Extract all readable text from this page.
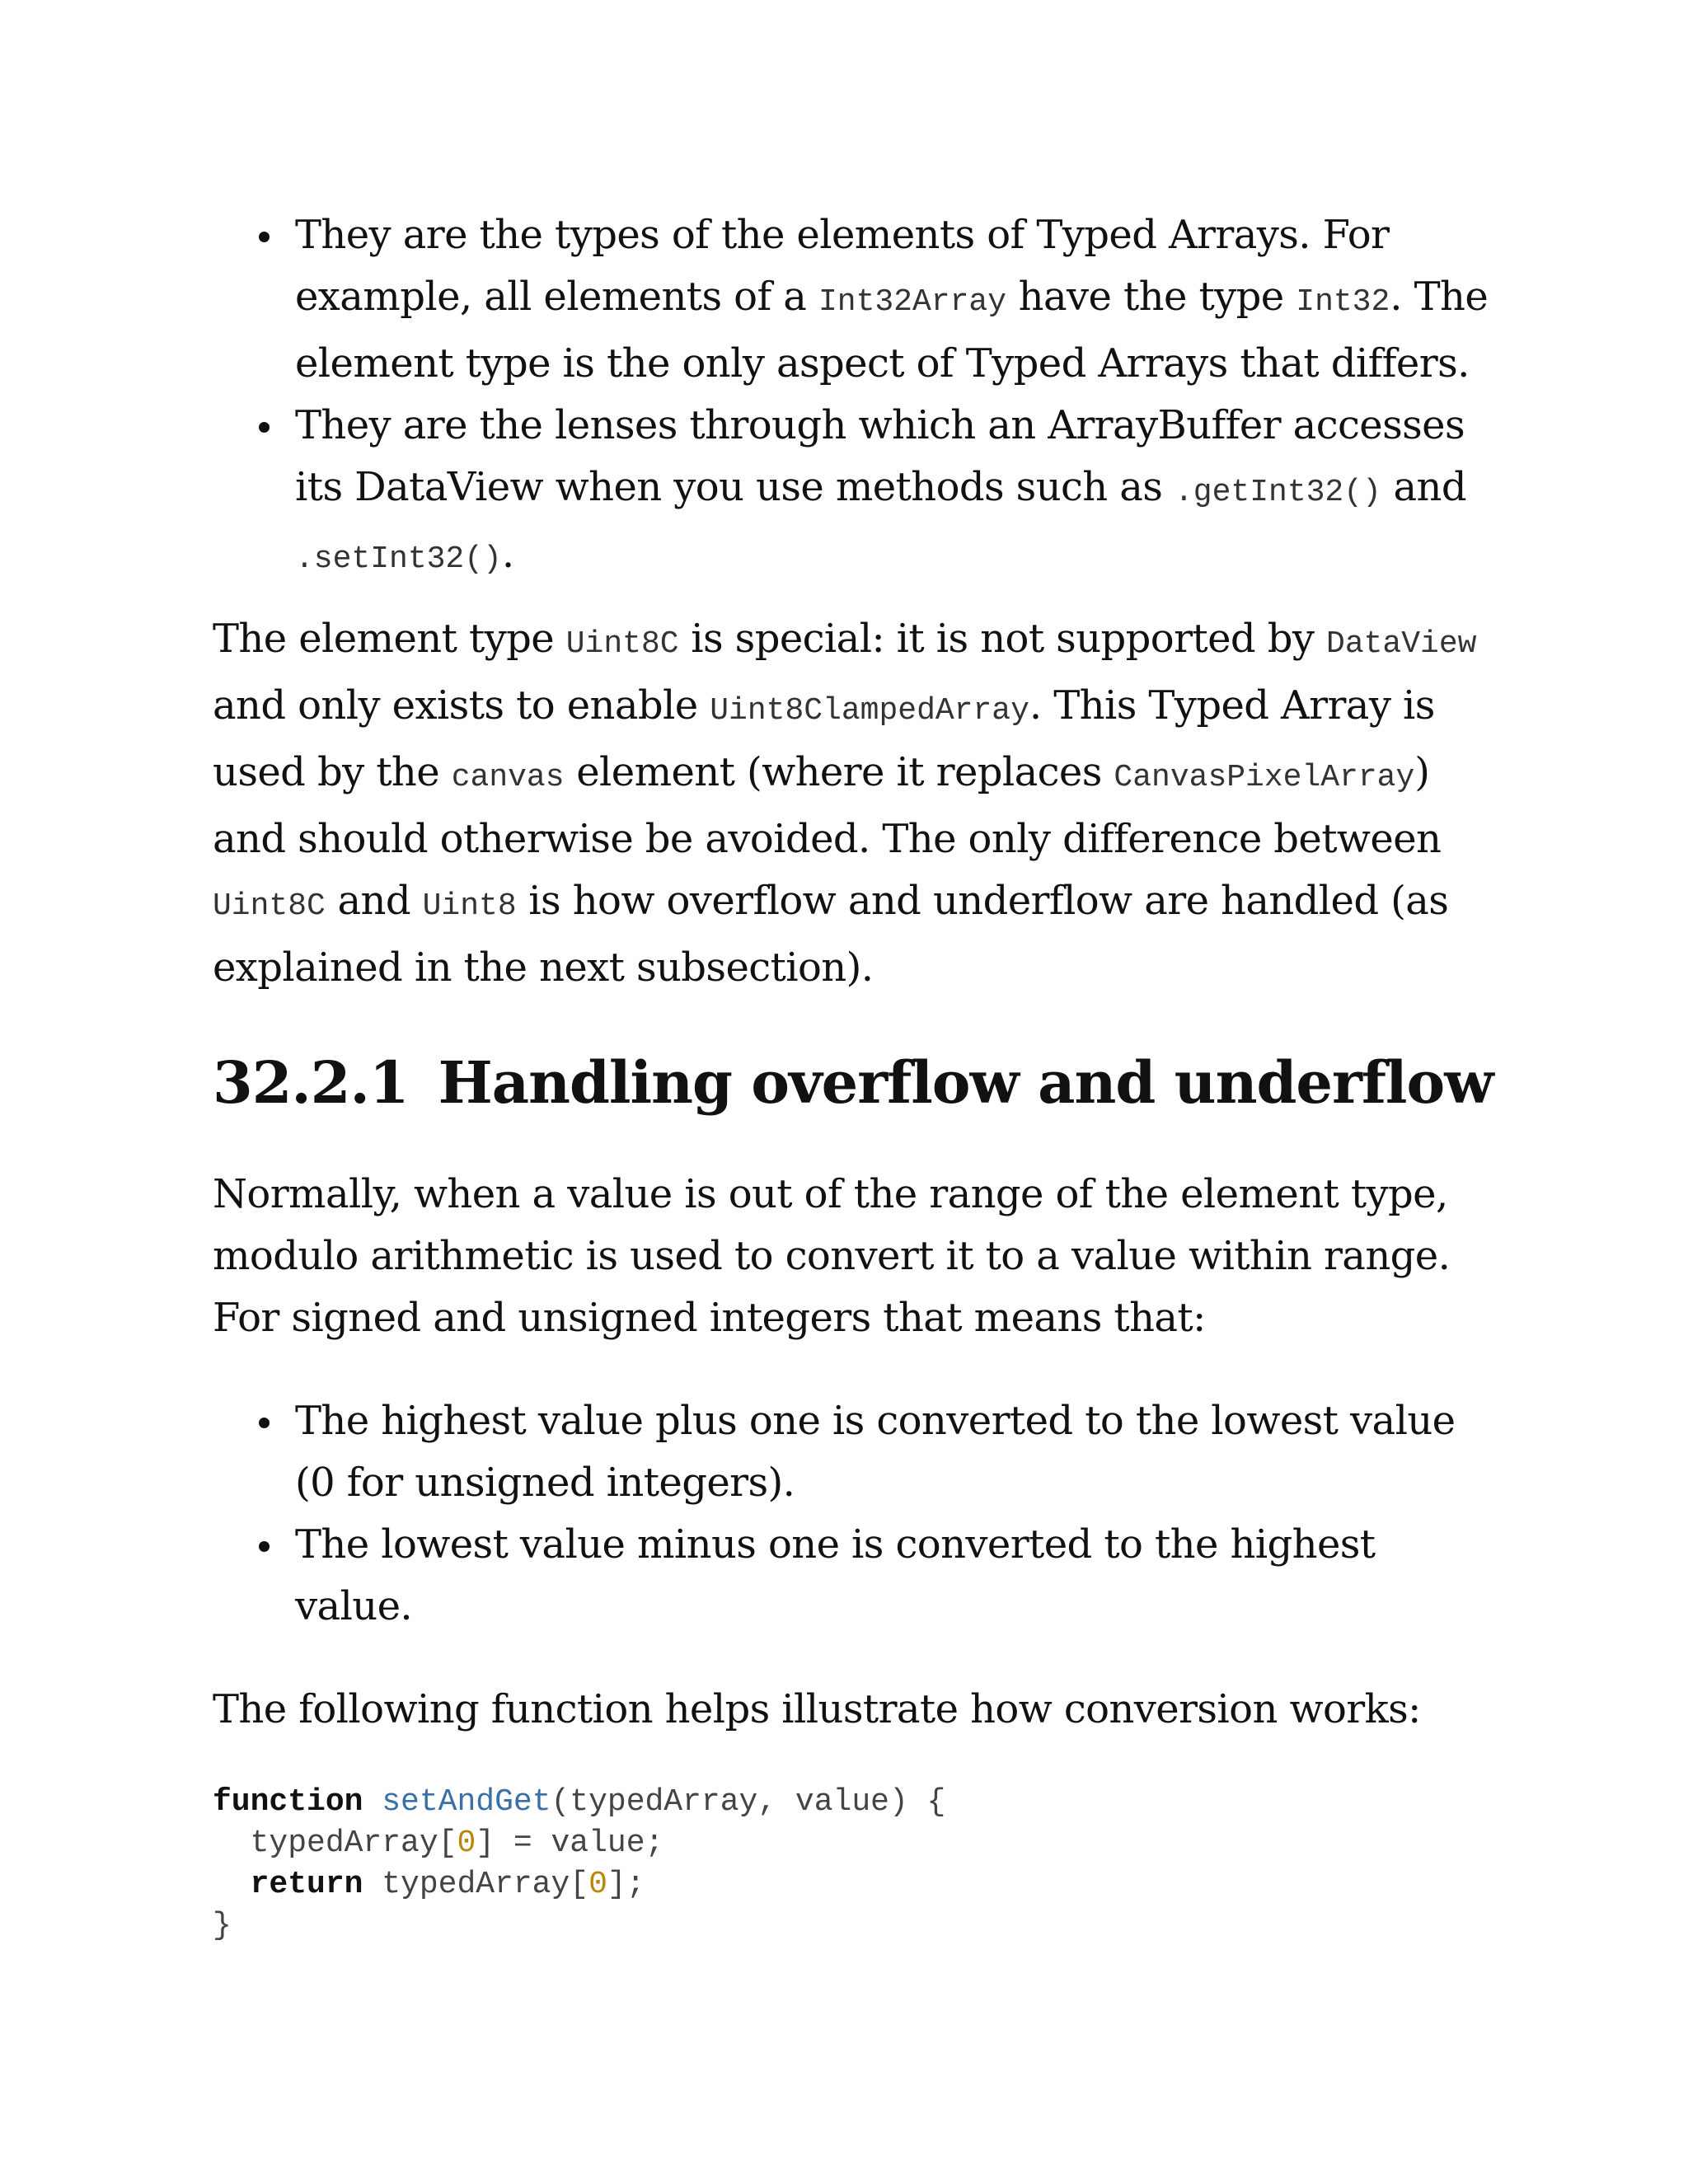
They are the types of the elements of Typed Arrays. For example, all elements of a Int32Array have the type Int32. The element type is the only aspect of Typed Arrays that differs.
They are the lenses through which an ArrayBuffer accesses its DataView when you use methods such as .getInt32() and .setInt32().

The element type Uint8C is special: it is not supported by DataView and only exists to enable Uint8ClampedArray. This Typed Array is used by the canvas element (where it replaces CanvasPixelArray) and should otherwise be avoided. The only difference between Uint8C and Uint8 is how overflow and underflow are handled (as explained in the next subsection).

32.2.1 Handling overflow and underflow

Normally, when a value is out of the range of the element type, modulo arithmetic is used to convert it to a value within range. For signed and unsigned integers that means that:

The highest value plus one is converted to the lowest value (0 for unsigned integers).
The lowest value minus one is converted to the highest value.

The following function helps illustrate how conversion works:

function setAndGet(typedArray, value) {
typedArray[0] = value;
return typedArray[0];
}
